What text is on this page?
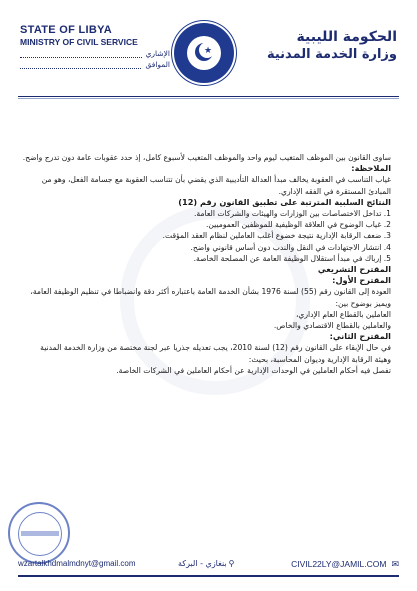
STATE OF LIBYA
MINISTRY OF CIVIL SERVICE
الإشاري
الموافق
★
الحكومة الليبية
وزارة الخدمة المدنية

ساوى القانون بين الموظف المتغيب ليوم واحد والموظف المتغيب لأسبوع كامل، إذ حدد عقوبات عامة دون تدرج واضح.

الملاحظة:

غياب التناسب في العقوبة يخالف مبدأ العدالة التأديبية الذي يقضي بأن تتناسب العقوبة مع جسامة الفعل، وهو من المبادئ المستقرة في الفقه الإداري.

النتائج السلبية المترتبة على تطبيق القانون رقم (12)

1. تداخل الاختصاصات بين الوزارات والهيئات والشركات العامة.

2. غياب الوضوح في العلاقة الوظيفية للموظفين العموميين.

3. ضعف الرقابة الإدارية نتيجة خضوع أغلب العاملين لنظام العقد المؤقت.

4. انتشار الاجتهادات في النقل والندب دون أساس قانوني واضح.

5. إرباك في مبدأ استقلال الوظيفة العامة عن المصلحة الخاصة.

المقترح التشريعي

المقترح الأول:

العودة إلى القانون رقم (55) لسنة 1976 بشأن الخدمة العامة باعتباره أكثر دقة وانضباطا في تنظيم الوظيفة العامة، ويميز بوضوح بين:

العاملين بالقطاع العام الإداري،

والعاملين بالقطاع الاقتصادي والخاص.

المقترح الثاني:

في حال الإبقاء على القانون رقم (12) لسنة 2010، يجب تعديله جذريا عبر لجنة مختصة من وزارة الخدمة المدنية وهيئة الرقابة الإدارية وديوان المحاسبة، بحيث:

تفصل فيه أحكام العاملين في الوحدات الإدارية عن أحكام العاملين في الشركات الخاصة.

wzartalkhdmalmdnyt@gmail.com	⚲بنغازي - البركة	CIVIL22LY@JAMIL.COM ✉
